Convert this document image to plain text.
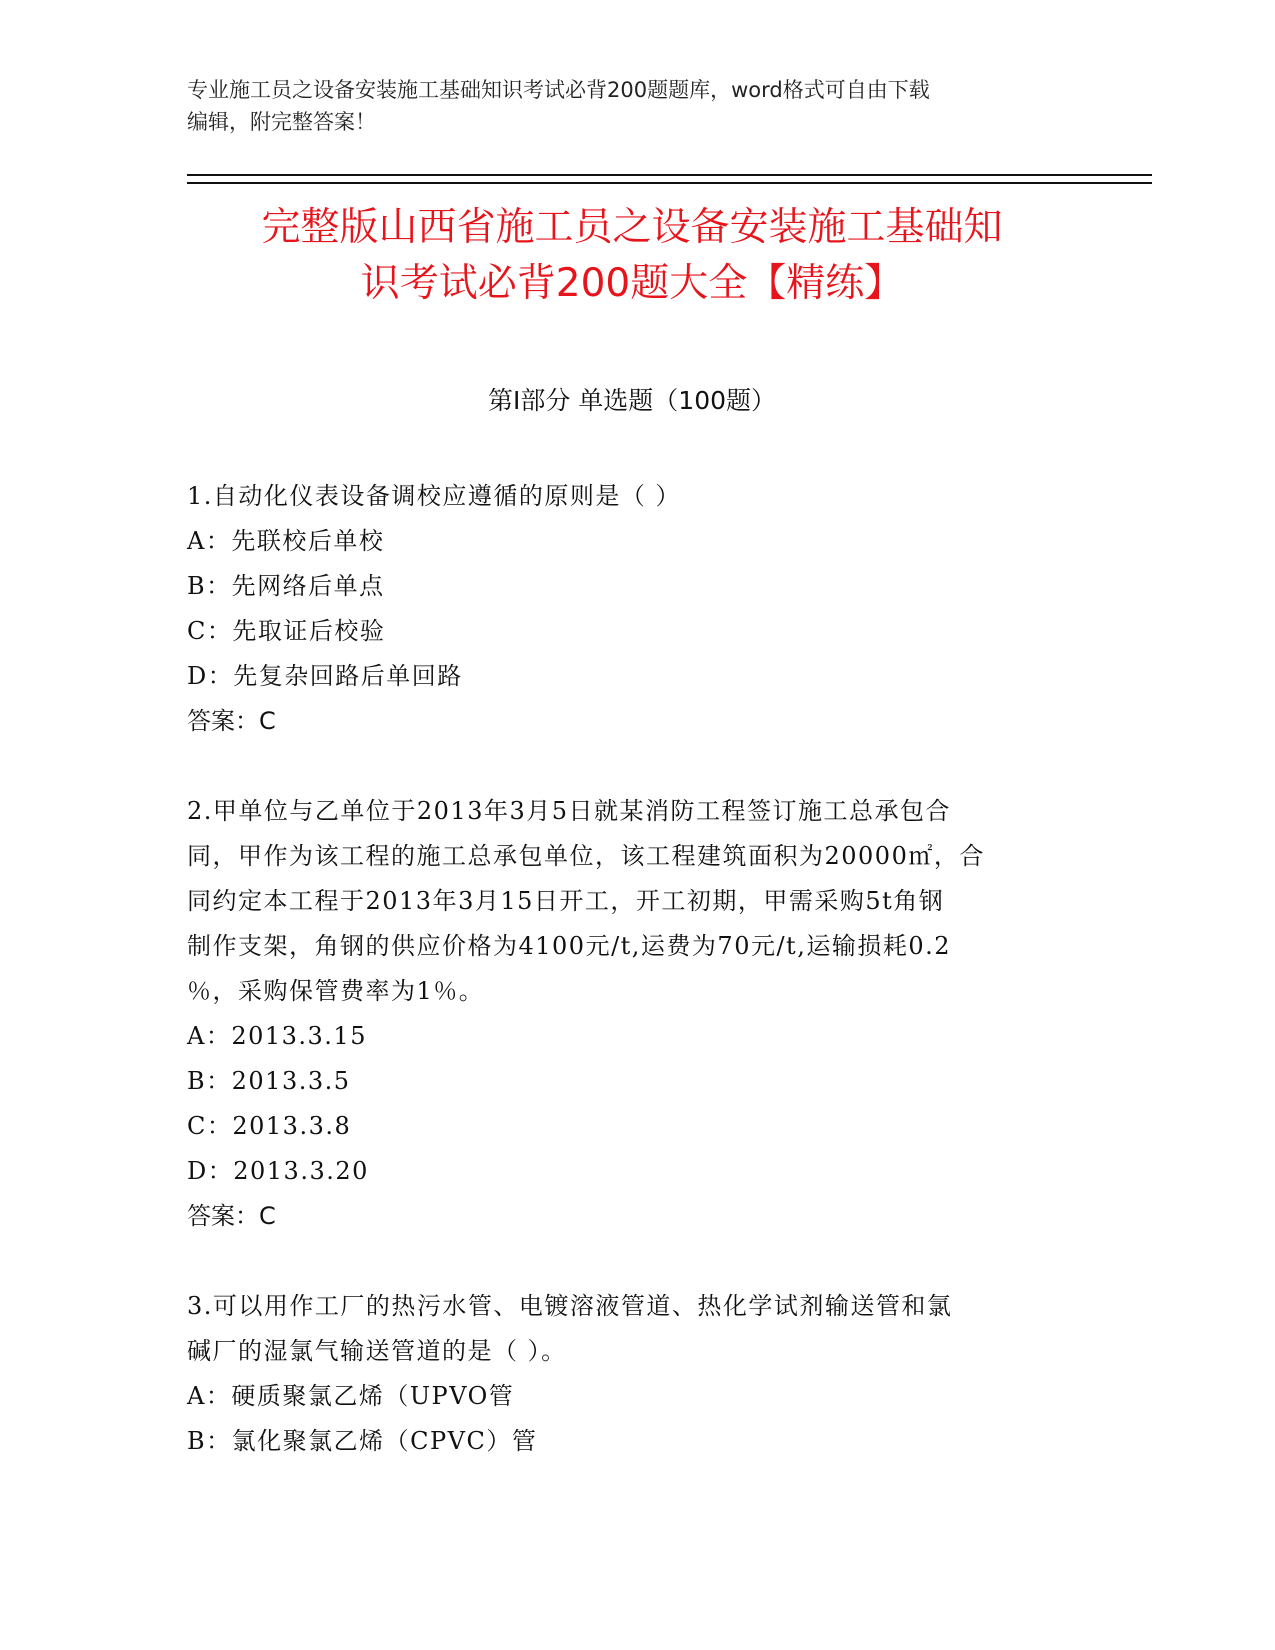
专业施工员之设备安装施工基础知识考试必背200题题库，word格式可自由下载
编辑，附完整答案！
完整版山西省施工员之设备安装施工基础知
识考试必背200题大全【精练】
第Ⅰ部分 单选题（100题）
1.自动化仪表设备调校应遵循的原则是（ ）
A：先联校后单校
B：先网络后单点
C：先取证后校验
D：先复杂回路后单回路
答案：C
2.甲单位与乙单位于2013年3月5日就某消防工程签订施工总承包合
同，甲作为该工程的施工总承包单位，该工程建筑面积为20000㎡，合
同约定本工程于2013年3月15日开工，开工初期，甲需采购5t角钢
制作支架，角钢的供应价格为4100元/t,运费为70元/t,运输损耗0.2
％，采购保管费率为1％。
A：2013.3.15
B：2013.3.5
C：2013.3.8
D：2013.3.20
答案：C
3.可以用作工厂的热污水管、电镀溶液管道、热化学试剂输送管和氯
碱厂的湿氯气输送管道的是（ ）。
A：硬质聚氯乙烯（UPVO管
B：氯化聚氯乙烯（CPVC）管
